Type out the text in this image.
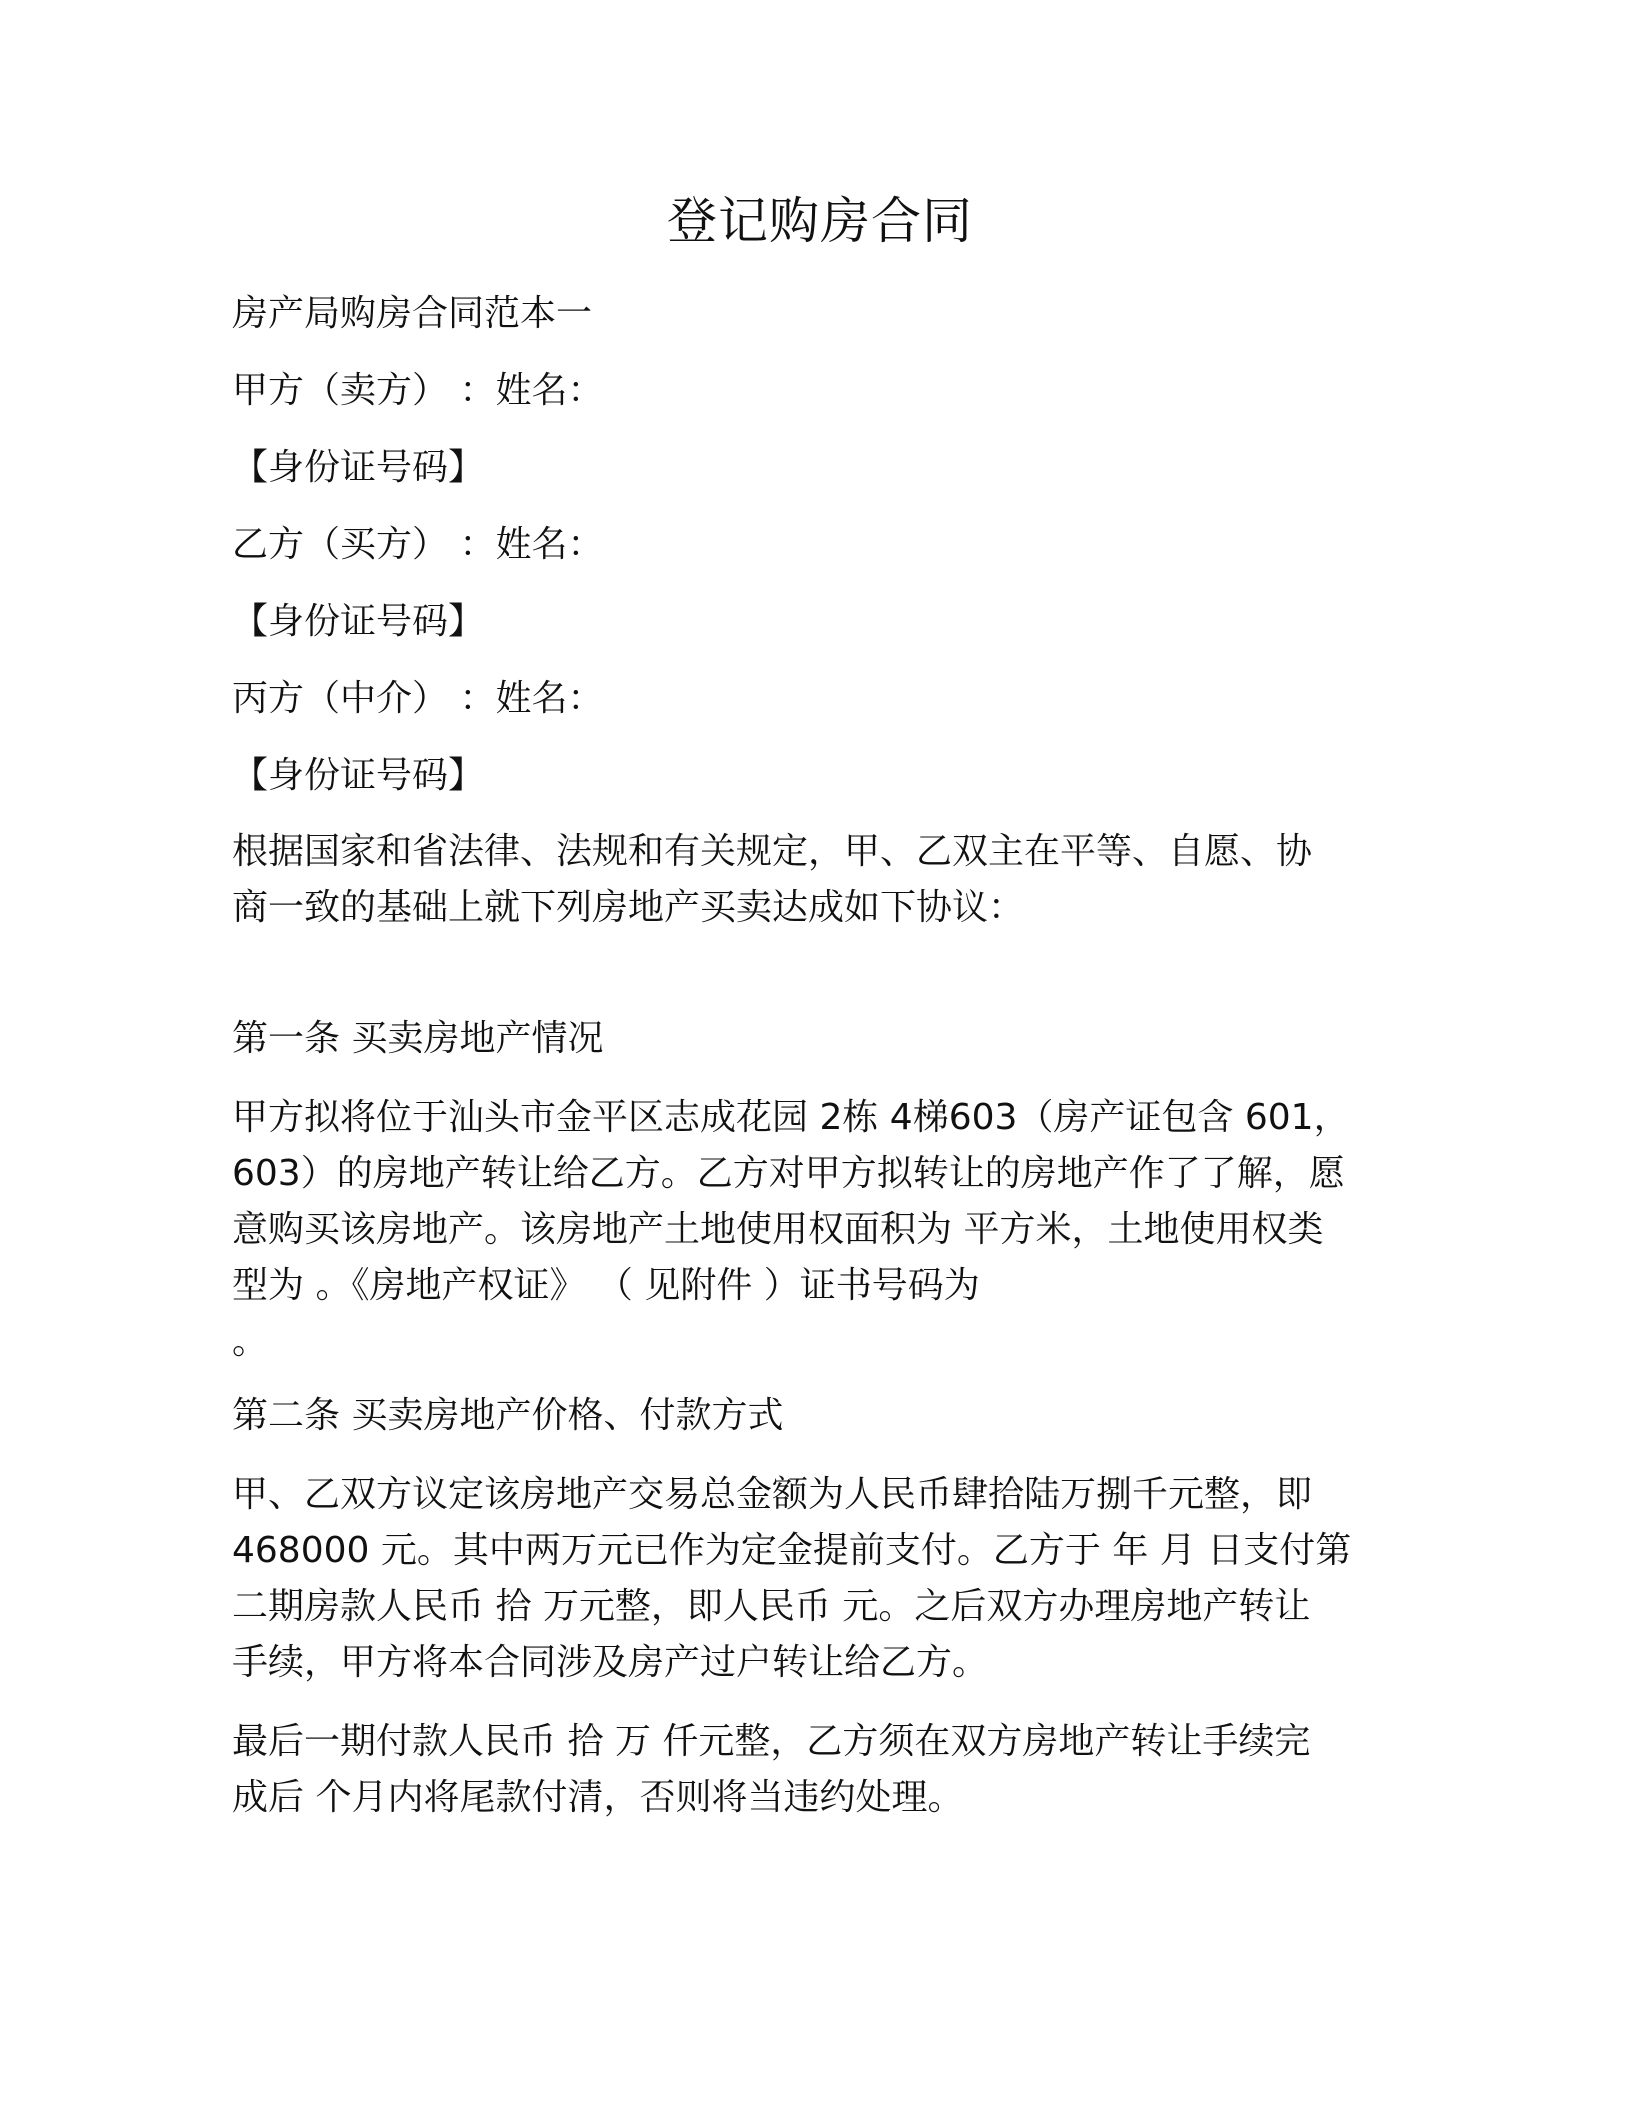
登记购房合同

房产局购房合同范本一

甲方（卖方） ：姓名：

【身份证号码】

乙方（买方） ：姓名：

【身份证号码】

丙方（中介） ：姓名：

【身份证号码】

根据国家和省法律、法规和有关规定，甲、乙双主在平等、自愿、协
商一致的基础上就下列房地产买卖达成如下协议：

第一条 买卖房地产情况

甲方拟将位于汕头市金平区志成花园 2栋 4梯603（房产证包含 601，
603）的房地产转让给乙方。乙方对甲方拟转让的房地产作了了解，愿
意购买该房地产。该房地产土地使用权面积为 平方米，土地使用权类
型为 。《房地产权证》 （ 见附件 ）证书号码为
。

第二条 买卖房地产价格、付款方式

甲、乙双方议定该房地产交易总金额为人民币肆拾陆万捌千元整，即
468000 元。其中两万元已作为定金提前支付。乙方于 年 月 日支付第
二期房款人民币 拾 万元整，即人民币 元。之后双方办理房地产转让
手续，甲方将本合同涉及房产过户转让给乙方。
最后一期付款人民币 拾 万 仟元整，乙方须在双方房地产转让手续完
成后 个月内将尾款付清，否则将当违约处理。
